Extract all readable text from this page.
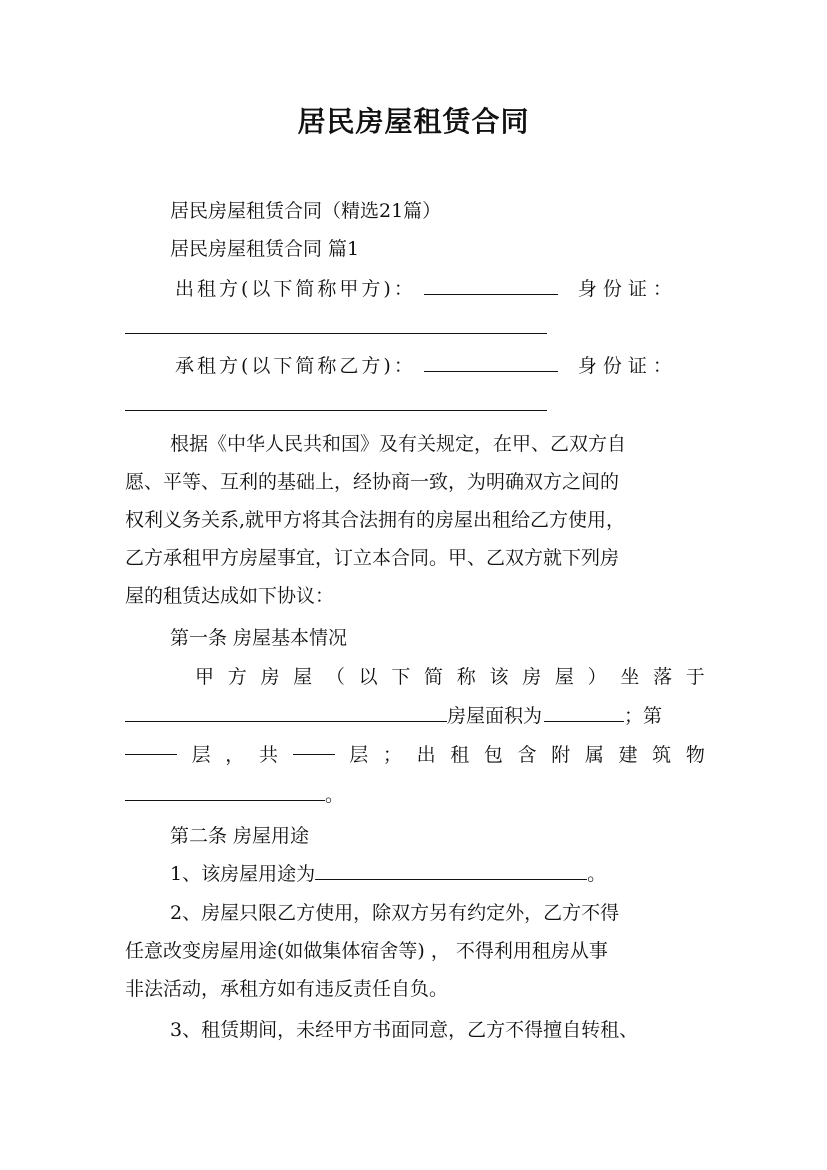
居民房屋租赁合同
居民房屋租赁合同（精选21篇）
居民房屋租赁合同 篇1
出租方(以下简称甲方)：	身份证：
承租方(以下简称乙方)：	身份证：
根据《中华人民共和国》及有关规定，在甲、乙双方自
愿、平等、互利的基础上，经协商一致，为明确双方之间的
权利义务关系,就甲方将其合法拥有的房屋出租给乙方使用，
乙方承租甲方房屋事宜，订立本合同。甲、乙双方就下列房
屋的租赁达成如下协议：
第一条 房屋基本情况
甲 方 房 屋 （ 以 下 简 称 该 房 屋 ） 坐 落 于
房屋面积为	；第
层 ， 共	层 ； 出 租 包 含 附 属 建 筑 物
。
第二条 房屋用途
1、该房屋用途为	。
2、房屋只限乙方使用，除双方另有约定外，乙方不得
任意改变房屋用途(如做集体宿舍等) ， 不得利用租房从事
非法活动，承租方如有违反责任自负。
3、租赁期间，未经甲方书面同意，乙方不得擅自转租、
